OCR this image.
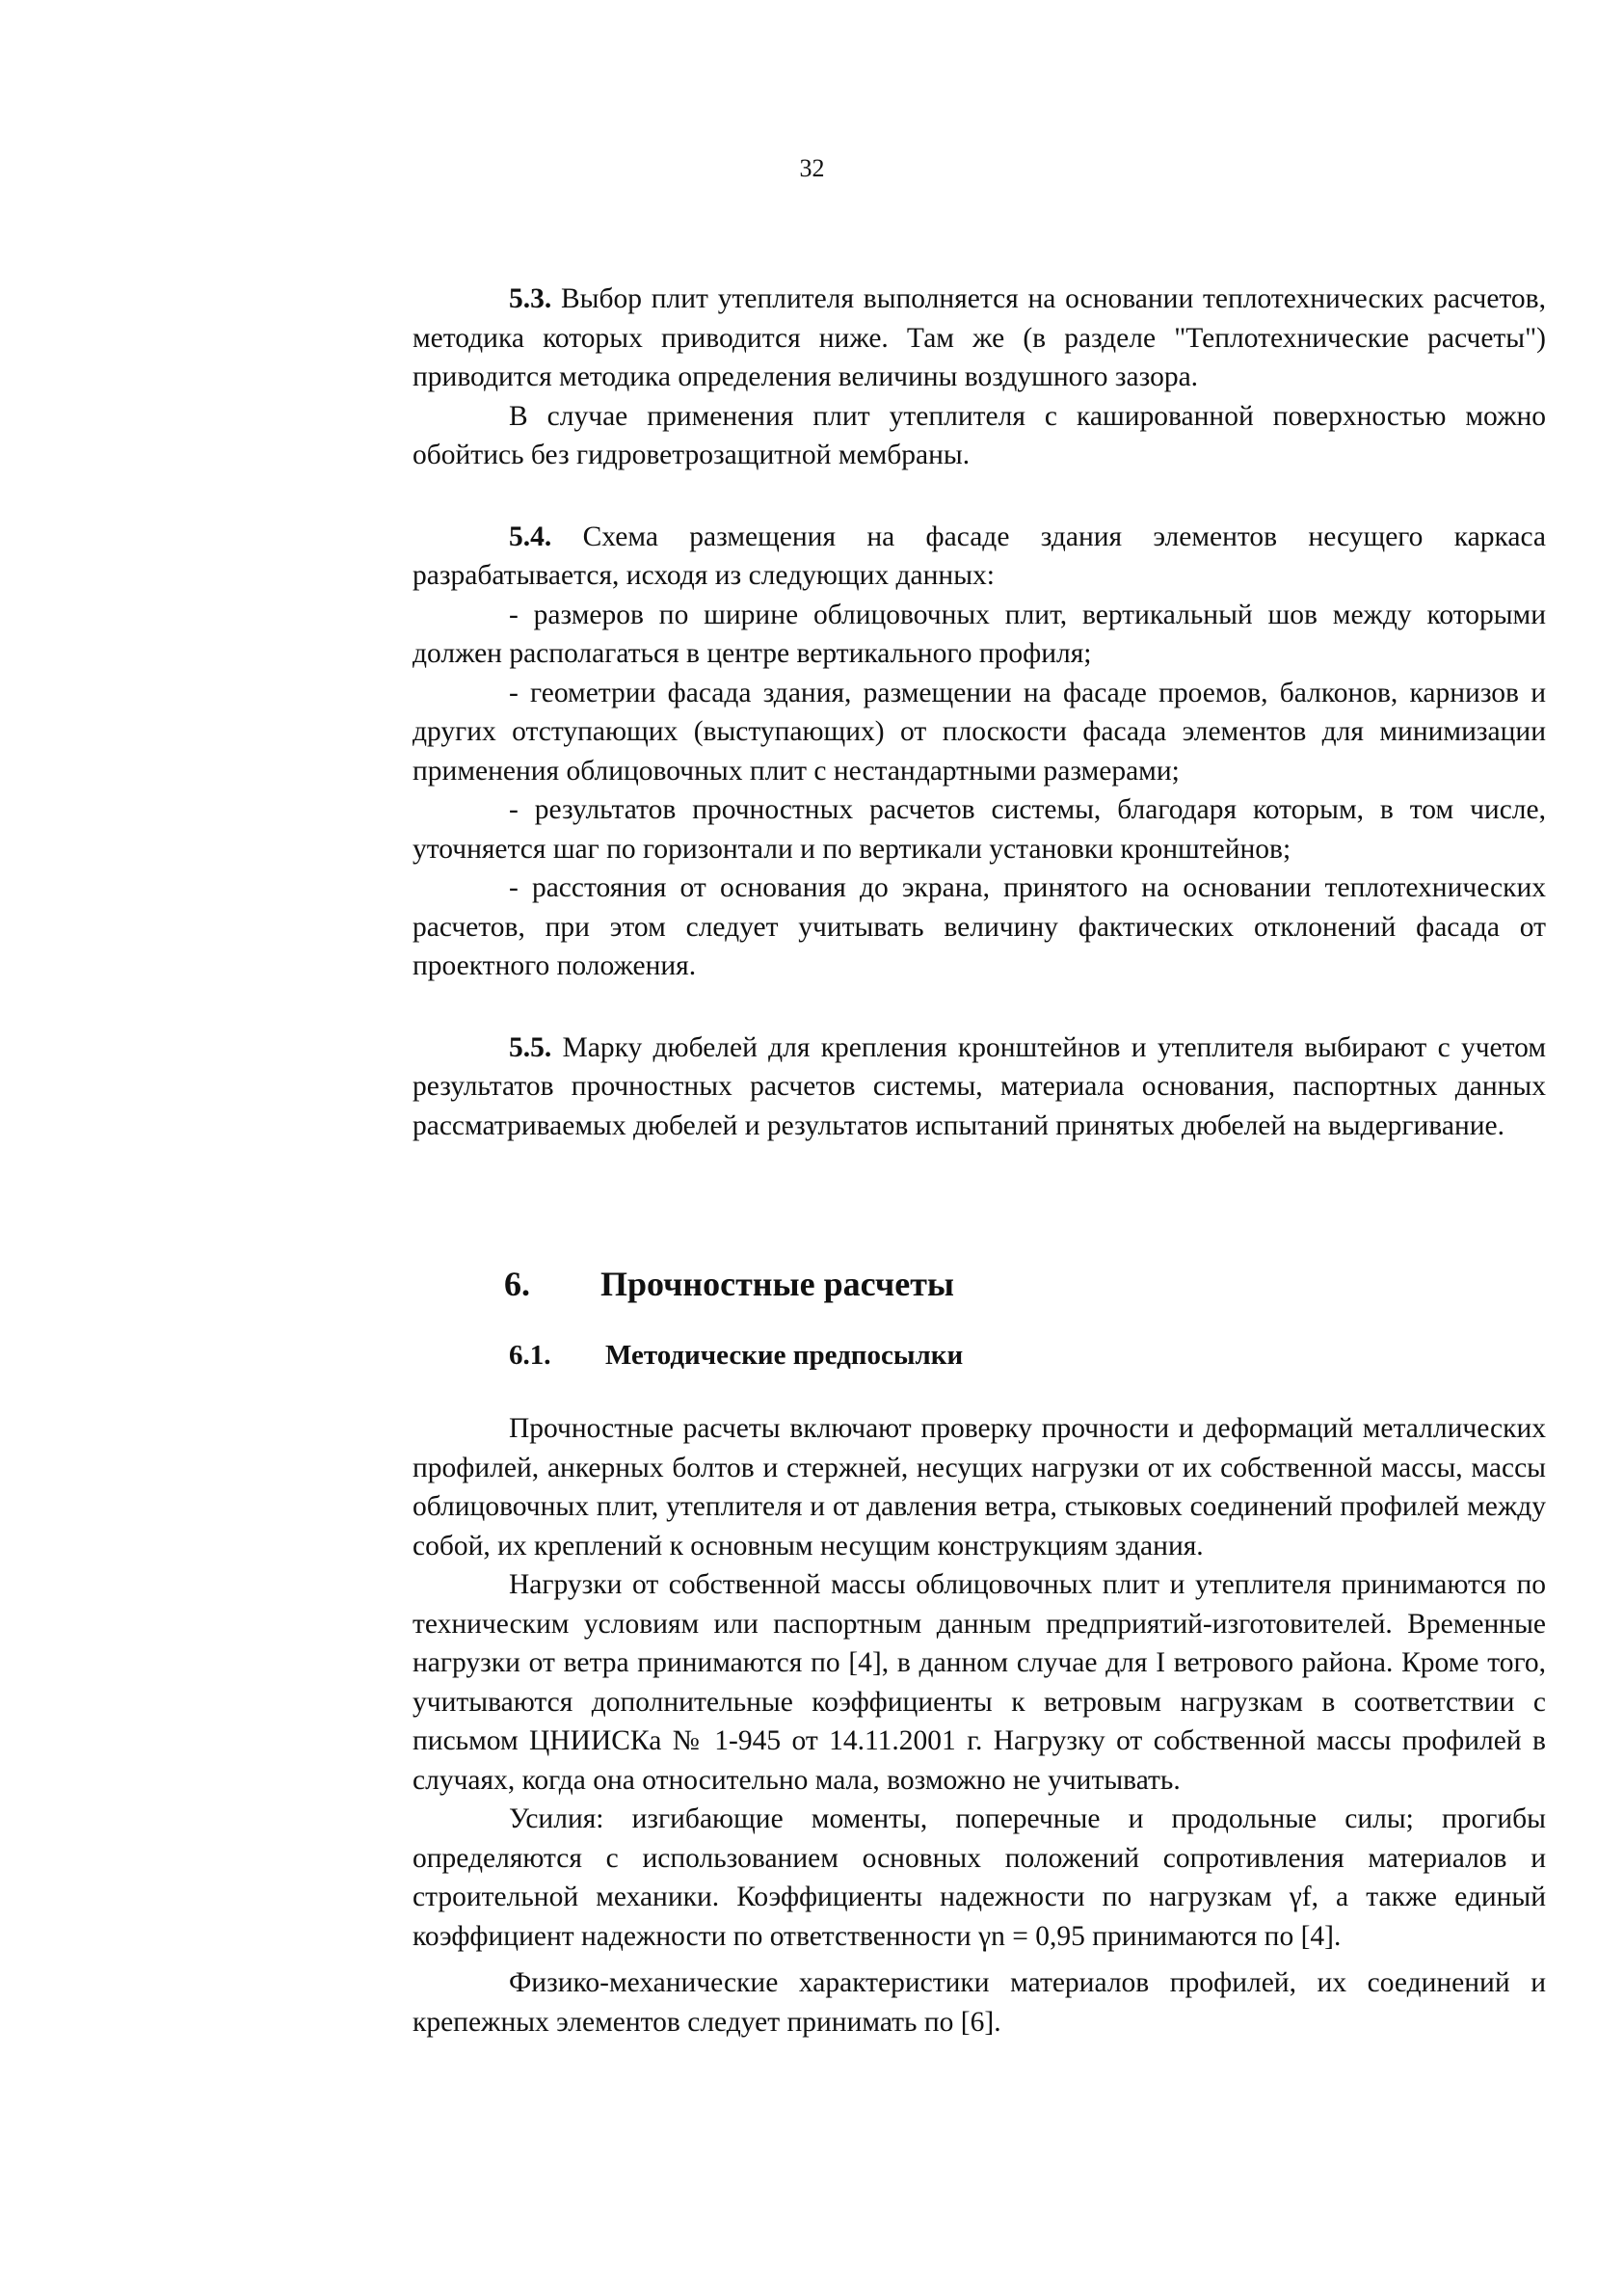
32

5.3. Выбор плит утеплителя выполняется на основании теплотехнических расчетов, методика которых приводится ниже. Там же (в разделе "Теплотехнические расчеты") приводится методика определения величины воздушного зазора.

В случае применения плит утеплителя с кашированной поверхностью можно обойтись без гидроветрозащитной мембраны.

5.4. Схема размещения на фасаде здания элементов несущего каркаса разрабатывается, исходя из следующих данных:

- размеров по ширине облицовочных плит, вертикальный шов между которыми должен располагаться в центре вертикального профиля;

- геометрии фасада здания, размещении на фасаде проемов, балконов, карнизов и других отступающих (выступающих) от плоскости фасада элементов для минимизации применения облицовочных плит с нестандартными размерами;

- результатов прочностных расчетов системы, благодаря которым, в том числе, уточняется шаг по горизонтали и по вертикали установки кронштейнов;

- расстояния от основания до экрана, принятого на основании теплотехнических расчетов, при этом следует учитывать величину фактических отклонений фасада от проектного положения.

5.5. Марку дюбелей для крепления кронштейнов и утеплителя выбирают с учетом результатов прочностных расчетов системы, материала основания, паспортных данных рассматриваемых дюбелей и результатов испытаний принятых дюбелей на выдергивание.

6.	Прочностные расчеты
6.1.	Методические предпосылки

Прочностные расчеты включают проверку прочности и деформаций металлических профилей, анкерных болтов и стержней, несущих нагрузки от их собственной массы, массы облицовочных плит, утеплителя и от давления ветра, стыковых соединений профилей между собой, их креплений к основным несущим конструкциям здания.

Нагрузки от собственной массы облицовочных плит и утеплителя принимаются по техническим условиям или паспортным данным предприятий-изготовителей. Временные нагрузки от ветра принимаются по [4], в данном случае для I ветрового района. Кроме того, учитываются дополнительные коэффициенты к ветровым нагрузкам в соответствии с письмом ЦНИИСКа № 1-945 от 14.11.2001 г. Нагрузку от собственной массы профилей в случаях, когда она относительно мала, возможно не учитывать.

Усилия: изгибающие моменты, поперечные и продольные силы; прогибы определяются с использованием основных положений сопротивления материалов и строительной механики. Коэффициенты надежности по нагрузкам γf, а также единый коэффициент надежности по ответственности γn = 0,95 принимаются по [4].

Физико-механические характеристики материалов профилей, их соединений и крепежных элементов следует принимать по [6].
